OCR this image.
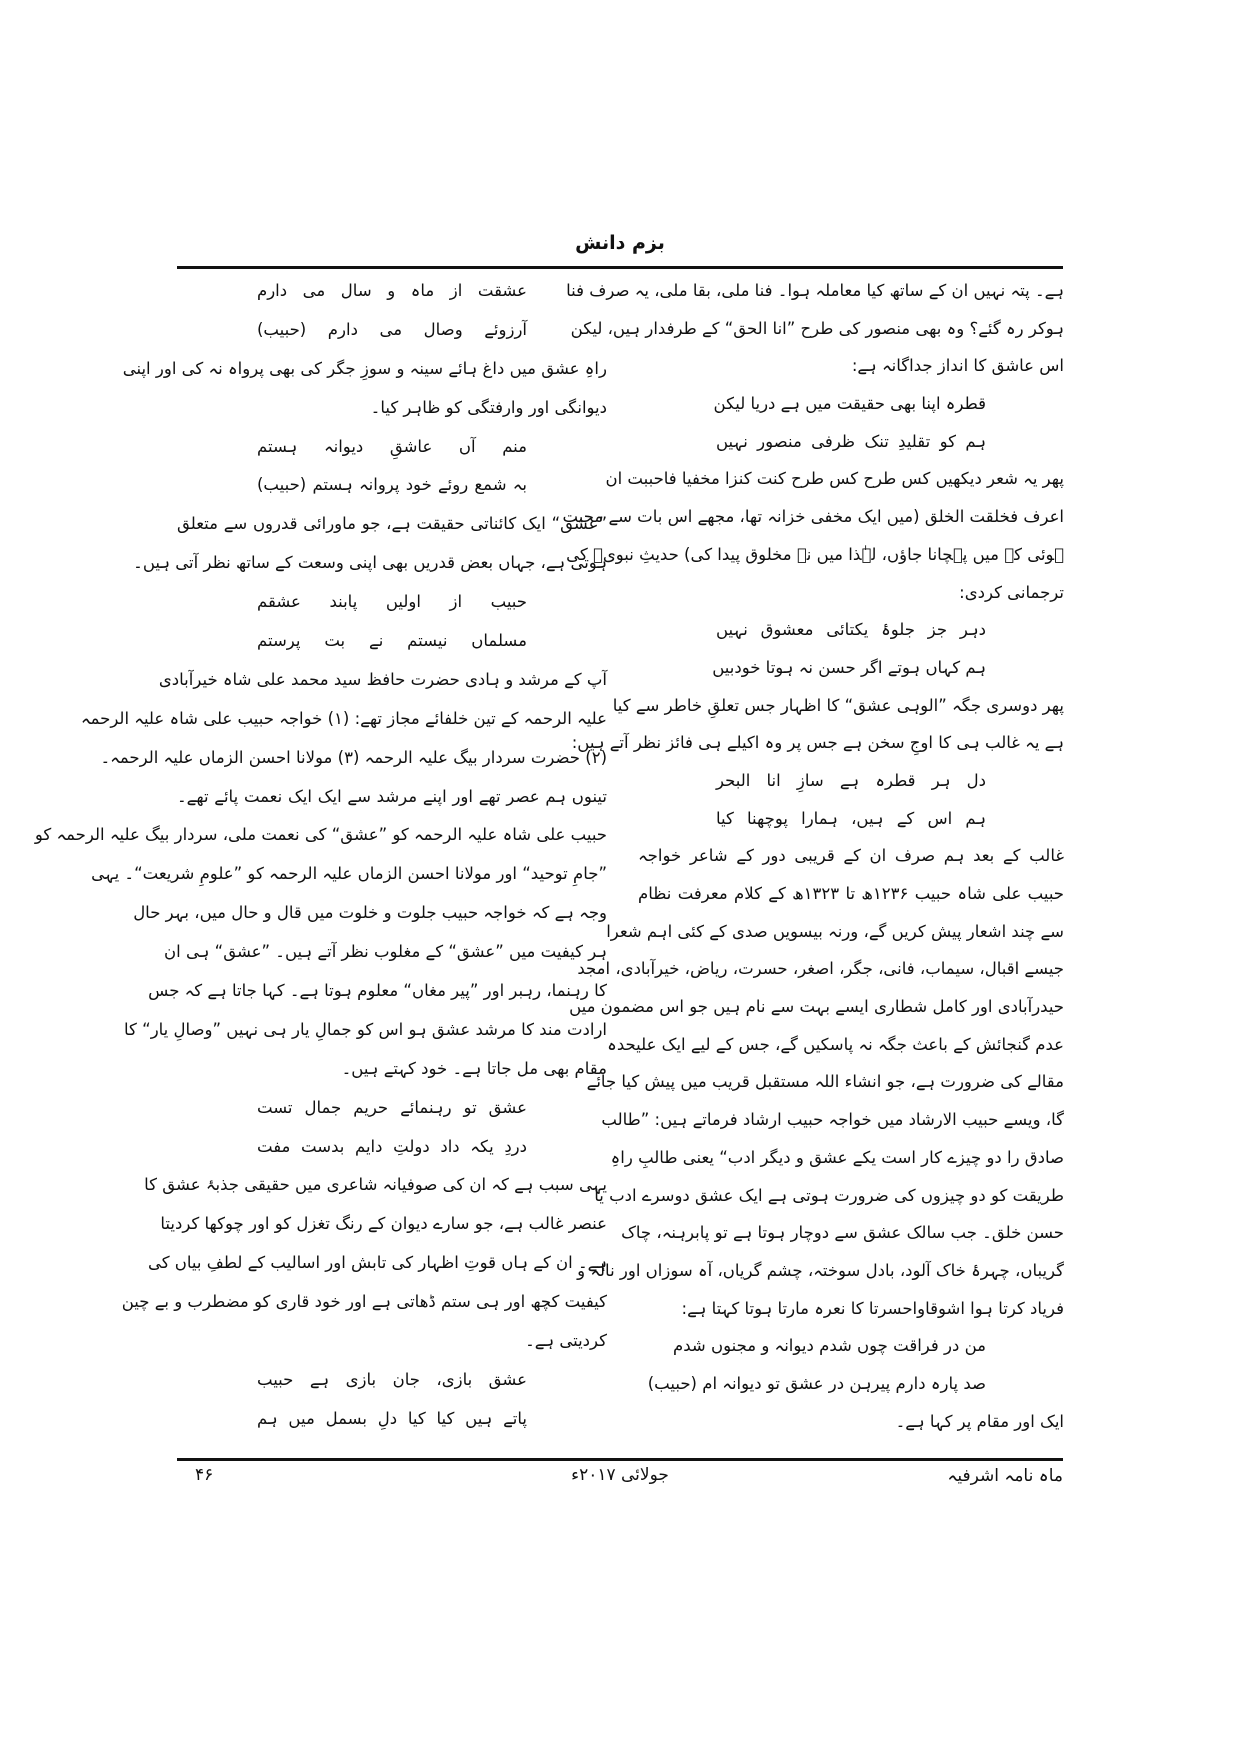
بزم دانش
ہے۔ پتہ نہیں ان کے ساتھ کیا معاملہ ہوا۔ فنا ملی، بقا ملی، یہ صرف فنا
ہوکر رہ گئے؟ وہ بھی منصور کی طرح ”انا الحق“ کے طرفدار ہیں، لیکن
اس عاشق کا انداز جداگانہ ہے:
قطرہ اپنا بھی حقیقت میں ہے دریا لیکن
ہم کو تقلیدِ تنک ظرفی منصور نہیں
پھر یہ شعر دیکھیں کس طرح کس طرح کنت کنزا مخفیا فاحببت ان
اعرف فخلقت الخلق (میں ایک مخفی خزانہ تھا، مجھے اس بات سے محبت
ہوئی کہ میں پہچانا جاؤں، لہٰذا میں نے مخلوق پیدا کی) حدیثِ نبویؐ کی
ترجمانی کردی:
دہر جز جلوۂ یکتائی معشوق نہیں
ہم کہاں ہوتے اگر حسن نہ ہوتا خودبیں
پھر دوسری جگہ ”الوہی عشق“ کا اظہار جس تعلقِ خاطر سے کیا
ہے یہ غالب ہی کا اوجِ سخن ہے جس پر وہ اکیلے ہی فائز نظر آتے ہیں:
دل ہر قطرہ ہے سازِ انا البحر
ہم اس کے ہیں، ہمارا پوچھنا کیا
غالب کے بعد ہم صرف ان کے قریبی دور کے شاعر خواجہ
حبیب علی شاہ حبیب ۱۲۳۶ھ تا ۱۳۲۳ھ کے کلام معرفت نظام
سے چند اشعار پیش کریں گے، ورنہ بیسویں صدی کے کئی اہم شعرا
جیسے اقبال، سیماب، فانی، جگر، اصغر، حسرت، ریاض، خیرآبادی، امجد
حیدرآبادی اور کامل شطاری ایسے بہت سے نام ہیں جو اس مضمون میں
عدم گنجائش کے باعث جگہ نہ پاسکیں گے، جس کے لیے ایک علیحدہ
مقالے کی ضرورت ہے، جو انشاء اللہ مستقبل قریب میں پیش کیا جائے
گا، ویسے حبیب الارشاد میں خواجہ حبیب ارشاد فرماتے ہیں: ”طالب
صادق را دو چیزے کار است یکے عشق و دیگر ادب“ یعنی طالبِ راہِ
طریقت کو دو چیزوں کی ضرورت ہوتی ہے ایک عشق دوسرے ادب یا
حسن خلق۔ جب سالک عشق سے دوچار ہوتا ہے تو پابرہنہ، چاک
گریباں، چہرۂ خاک آلود، بادل سوختہ، چشم گریاں، آہ سوزاں اور نالہ و
فریاد کرتا ہوا اشوقاواحسرتا کا نعرہ مارتا ہوتا کہتا ہے:
من در فراقت چوں شدم دیوانہ و مجنوں شدم
صد پارہ دارم پیرہن در عشق تو دیوانہ ام (حبیب)
ایک اور مقام پر کہا ہے۔
عشقت از ماہ و سال می دارم
آرزوئے وصال می دارم (حبیب)
راہِ عشق میں داغ ہائے سینہ و سوزِ جگر کی بھی پرواہ نہ کی اور اپنی
دیوانگی اور وارفتگی کو ظاہر کیا۔
منم آں عاشقِ دیوانہ ہستم
بہ شمع روئے خود پروانہ ہستم (حبیب)
”عشق“ ایک کائناتی حقیقت ہے، جو ماورائی قدروں سے متعلق
ہوتی ہے، جہاں بعض قدریں بھی اپنی وسعت کے ساتھ نظر آتی ہیں۔
حبیب از اولیں پابند عشقم
مسلماں نیستم نے بت پرستم
آپ کے مرشد و ہادی حضرت حافظ سید محمد علی شاہ خیرآبادی
علیہ الرحمہ کے تین خلفائے مجاز تھے: (۱) خواجہ حبیب علی شاہ علیہ الرحمہ
(۲) حضرت سردار بیگ علیہ الرحمہ (۳) مولانا احسن الزماں علیہ الرحمہ۔
تینوں ہم عصر تھے اور اپنے مرشد سے ایک ایک نعمت پائے تھے۔
حبیب علی شاہ علیہ الرحمہ کو ”عشق“ کی نعمت ملی، سردار بیگ علیہ الرحمہ کو
”جامِ توحید“ اور مولانا احسن الزماں علیہ الرحمہ کو ”علومِ شریعت“۔ یہی
وجہ ہے کہ خواجہ حبیب جلوت و خلوت میں قال و حال میں، بہر حال
ہر کیفیت میں ”عشق“ کے مغلوب نظر آتے ہیں۔ ”عشق“ ہی ان
کا رہنما، رہبر اور ”پیر مغاں“ معلوم ہوتا ہے۔ کہا جاتا ہے کہ جس
ارادت مند کا مرشد عشق ہو اس کو جمالِ یار ہی نہیں ”وصالِ یار“ کا
مقام بھی مل جاتا ہے۔ خود کہتے ہیں۔
عشق تو رہنمائے حریم جمال تست
دردِ یکہ داد دولتِ دایم بدست مفت
یہی سبب ہے کہ ان کی صوفیانہ شاعری میں حقیقی جذبۂ عشق کا
عنصر غالب ہے، جو سارے دیوان کے رنگ تغزل کو اور چوکھا کردیتا
ہے۔ ان کے ہاں قوتِ اظہار کی تابش اور اسالیب کے لطفِ بیاں کی
کیفیت کچھ اور ہی ستم ڈھاتی ہے اور خود قاری کو مضطرب و بے چین
کردیتی ہے۔
عشق بازی، جان بازی ہے حبیب
پاتے ہیں کیا کیا دلِ بسمل میں ہم
ماہ نامہ اشرفیہ
جولائی ۲۰۱۷ء
۴۶
